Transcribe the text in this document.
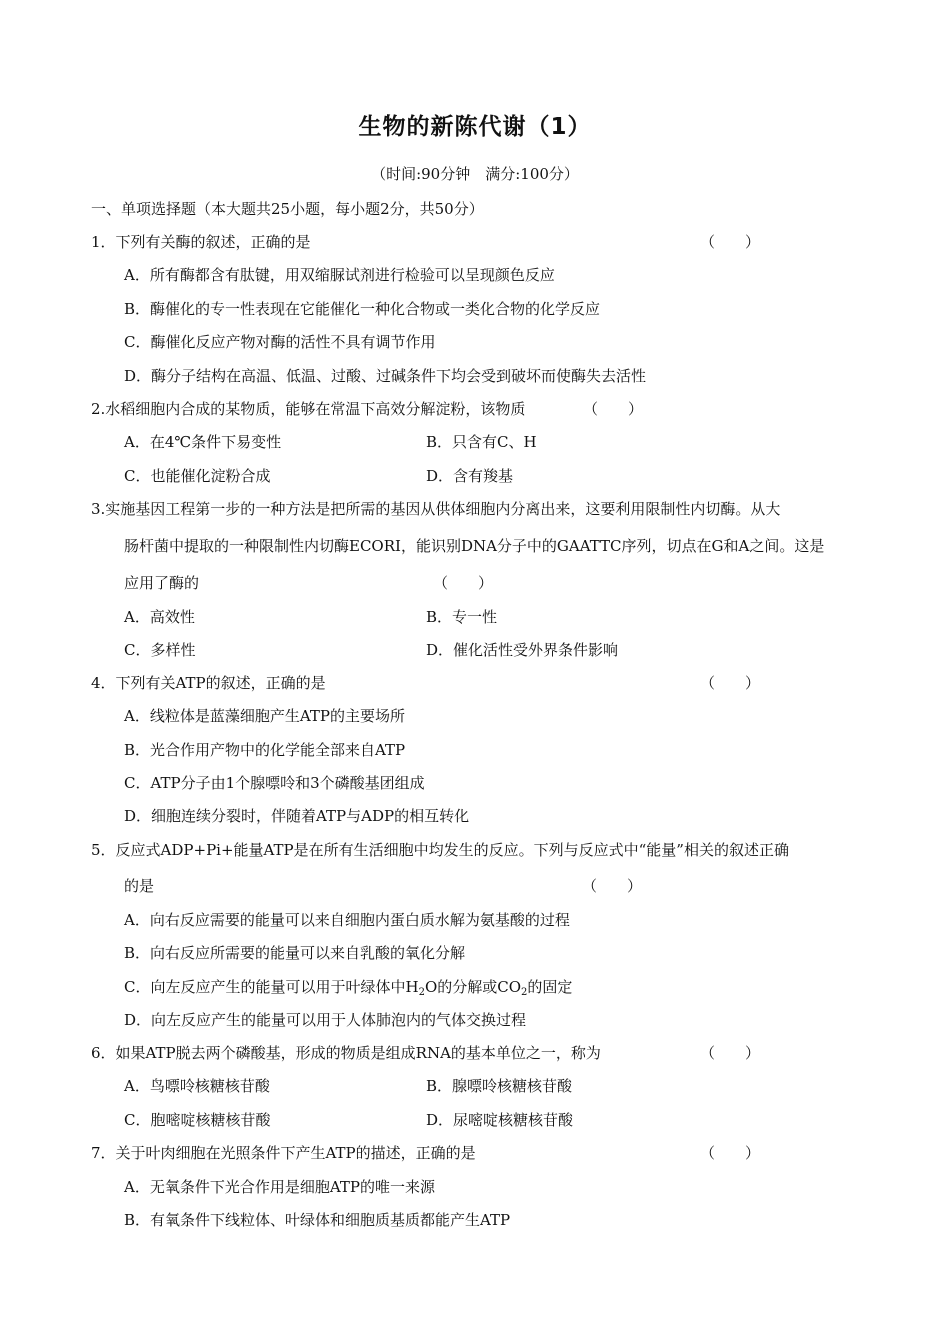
生物的新陈代谢（1）
（时间:90分钟　满分:100分）
一、单项选择题（本大题共25小题，每小题2分，共50分）
1．下列有关酶的叙述，正确的是	（　　）
A．所有酶都含有肽键，用双缩脲试剂进行检验可以呈现颜色反应
B．酶催化的专一性表现在它能催化一种化合物或一类化合物的化学反应
C．酶催化反应产物对酶的活性不具有调节作用
D．酶分子结构在高温、低温、过酸、过碱条件下均会受到破坏而使酶失去活性
2.水稻细胞内合成的某物质，能够在常温下高效分解淀粉，该物质	（　　）
A．在4℃条件下易变性	B．只含有C、H
C．也能催化淀粉合成	D．含有羧基
3.实施基因工程第一步的一种方法是把所需的基因从供体细胞内分离出来，这要利用限制性内切酶。从大
肠杆菌中提取的一种限制性内切酶ECORI，能识别DNA分子中的GAATTC序列，切点在G和A之间。这是
应用了酶的	（　　）
A．高效性	B．专一性
C．多样性	D．催化活性受外界条件影响
4．下列有关ATP的叙述，正确的是	（　　）
A．线粒体是蓝藻细胞产生ATP的主要场所
B．光合作用产物中的化学能全部来自ATP
C．ATP分子由1个腺嘌呤和3个磷酸基团组成
D．细胞连续分裂时，伴随着ATP与ADP的相互转化
5．反应式ADP+Pi+能量ATP是在所有生活细胞中均发生的反应。下列与反应式中“能量”相关的叙述正确
的是	（　　）
A．向右反应需要的能量可以来自细胞内蛋白质水解为氨基酸的过程
B．向右反应所需要的能量可以来自乳酸的氧化分解
C．向左反应产生的能量可以用于叶绿体中$H_2O$的分解或$CO_2$的固定
D．向左反应产生的能量可以用于人体肺泡内的气体交换过程
6．如果ATP脱去两个磷酸基，形成的物质是组成RNA的基本单位之一，称为	（　　）
A．鸟嘌呤核糖核苷酸	B．腺嘌呤核糖核苷酸
C．胞嘧啶核糖核苷酸	D．尿嘧啶核糖核苷酸
7．关于叶肉细胞在光照条件下产生ATP的描述，正确的是	（　　）
A．无氧条件下光合作用是细胞ATP的唯一来源
B．有氧条件下线粒体、叶绿体和细胞质基质都能产生ATP
